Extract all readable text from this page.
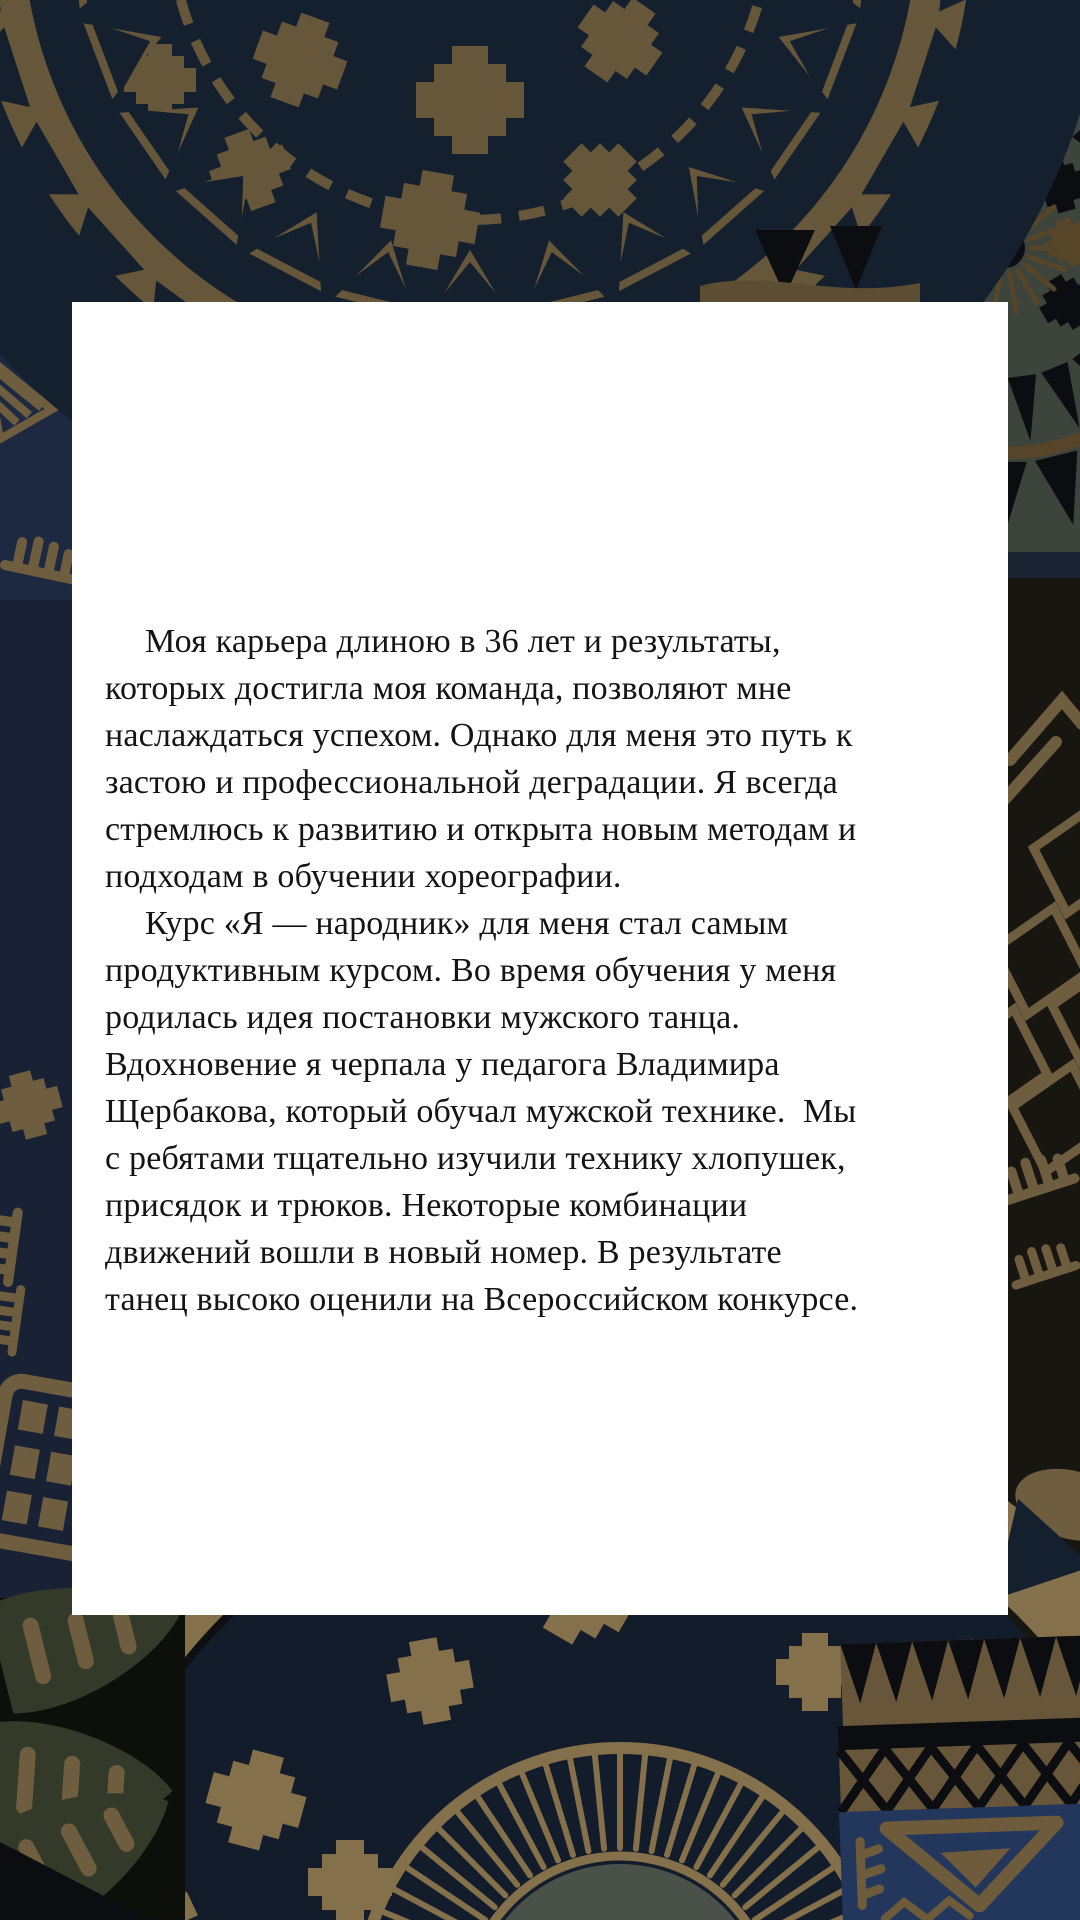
Моя карьера длиною в 36 лет и результаты,
которых достигла моя команда, позволяют мне
наслаждаться успехом. Однако для меня это путь к
застою и профессиональной деградации. Я всегда
стремлюсь к развитию и открыта новым методам и
подходам в обучении хореографии.
Курс «Я — народник» для меня стал самым
продуктивным курсом. Во время обучения у меня
родилась идея постановки мужского танца.
Вдохновение я черпала у педагога Владимира
Щербакова, который обучал мужской технике.  Мы
с ребятами тщательно изучили технику хлопушек,
присядок и трюков. Некоторые комбинации
движений вошли в новый номер. В результате
танец высоко оценили на Всероссийском конкурсе.
